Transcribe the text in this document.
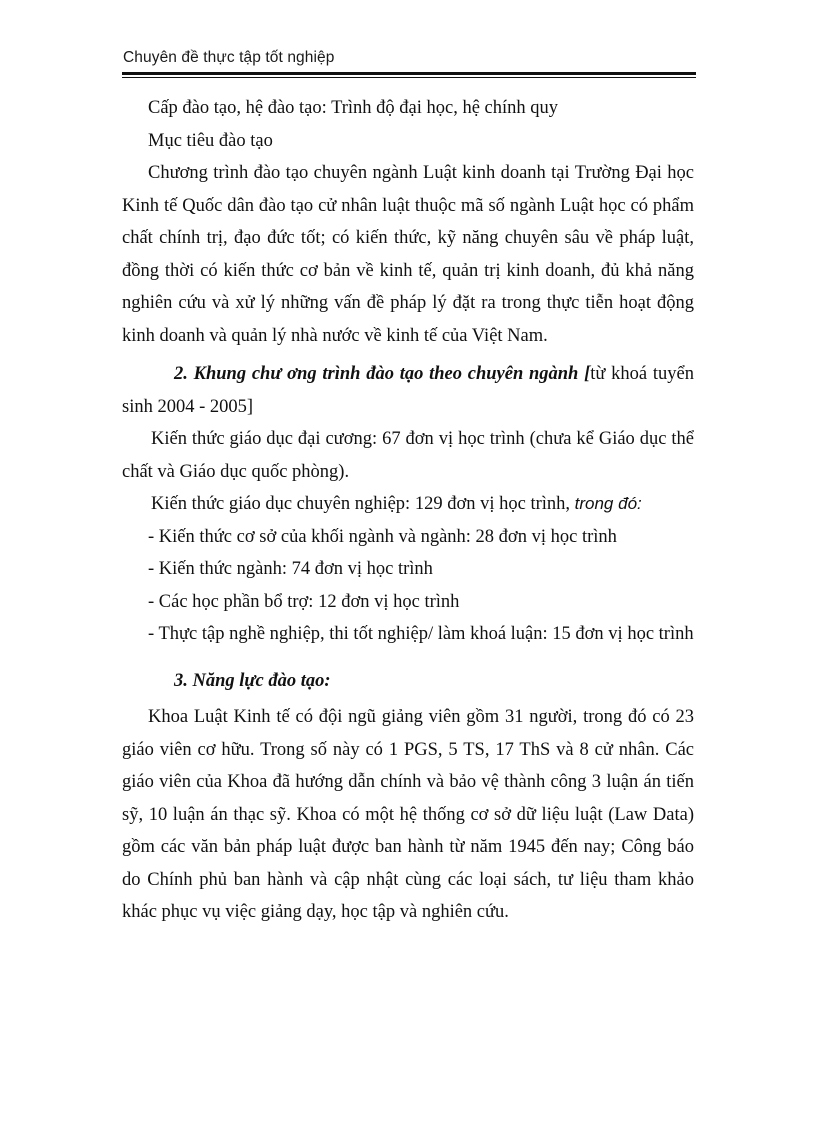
Chuyên đề thực tập tốt nghiệp

Cấp đào tạo, hệ đào tạo: Trình độ đại học, hệ chính quy

Mục tiêu đào tạo

Chương trình đào tạo chuyên ngành Luật kinh doanh tại Trường Đại học Kinh tế Quốc dân đào tạo cử nhân luật thuộc mã số ngành Luật học có phẩm chất chính trị, đạo đức tốt; có kiến thức, kỹ năng chuyên sâu về pháp luật, đồng thời có kiến thức cơ bản về kinh tế, quản trị kinh doanh, đủ khả năng nghiên cứu và xử lý những vấn đề pháp lý đặt ra trong thực tiễn hoạt động kinh doanh và quản lý nhà nước về kinh tế của Việt Nam.

2. Khung chư ơng trình đào tạo theo chuyên ngành [từ khoá tuyển sinh 2004 - 2005]

Kiến thức giáo dục đại cương: 67 đơn vị học trình (chưa kể Giáo dục thể chất và Giáo dục quốc phòng).

Kiến thức giáo dục chuyên nghiệp: 129 đơn vị học trình, trong đó:

- Kiến thức cơ sở của khối ngành và ngành: 28 đơn vị học trình

- Kiến thức ngành: 74 đơn vị học trình

- Các học phần bổ trợ: 12 đơn vị học trình

- Thực tập nghề nghiệp, thi tốt nghiệp/ làm khoá luận: 15 đơn vị học trình

3. Năng lực đào tạo:

Khoa Luật Kinh tế có đội ngũ giảng viên gồm 31 người, trong đó có 23 giáo viên cơ hữu. Trong số này có 1 PGS, 5 TS, 17 ThS và 8 cử nhân. Các giáo viên của Khoa đã hướng dẫn chính và bảo vệ thành công 3 luận án tiến sỹ, 10 luận án thạc sỹ. Khoa có một hệ thống cơ sở dữ liệu luật (Law Data) gồm các văn bản pháp luật được ban hành từ năm 1945 đến nay; Công báo do Chính phủ ban hành và cập nhật cùng các loại sách, tư liệu tham khảo khác phục vụ việc giảng dạy, học tập và nghiên cứu.
